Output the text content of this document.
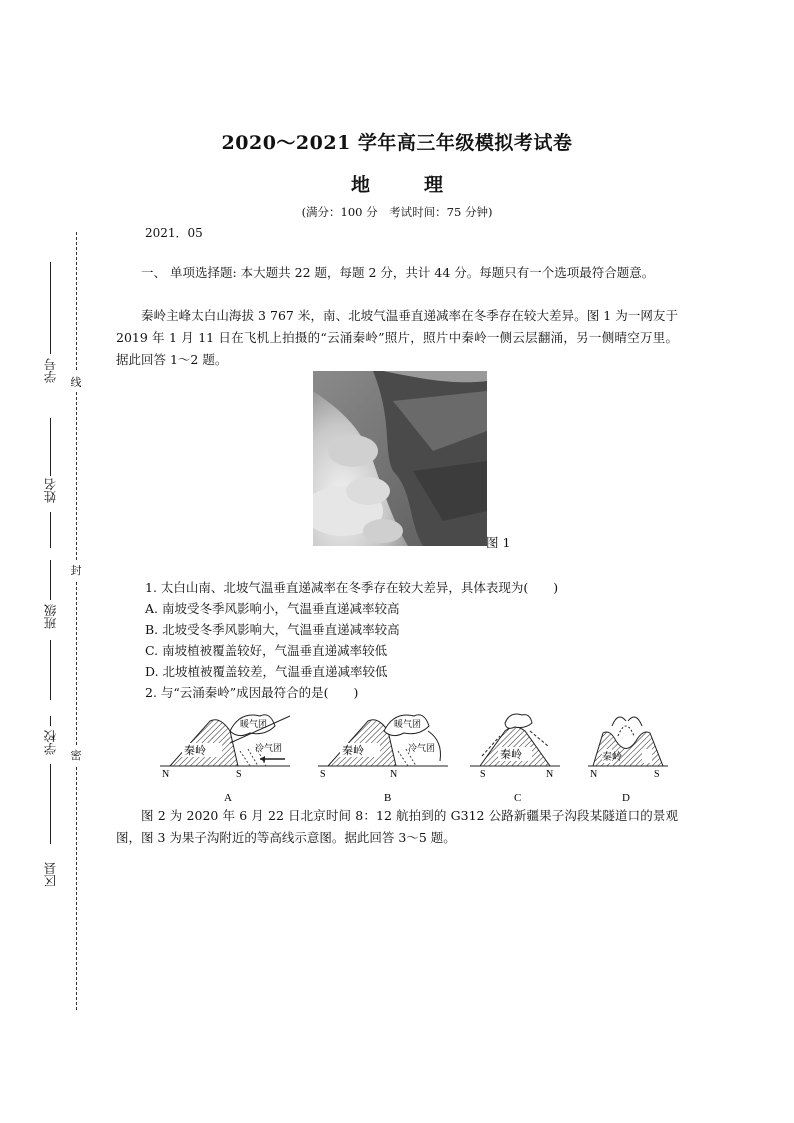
线
封
密
学号
姓名
班级
学校
区县
2020～2021 学年高三年级模拟考试卷
地	理
(满分：100 分　考试时间：75 分钟)
2021．05
一、 单项选择题: 本大题共 22 题，每题 2 分，共计 44 分。每题只有一个选项最符合题意。
秦岭主峰太白山海拔 3 767 米，南、北坡气温垂直递减率在冬季存在较大差异。图 1 为一网友于 2019 年 1 月 11 日在飞机上拍摄的“云涌秦岭”照片，照片中秦岭一侧云层翻涌，另一侧晴空万里。据此回答 1～2 题。
图 1
1. 太白山南、北坡气温垂直递减率在冬季存在较大差异，具体表现为(　　)
A. 南坡受冬季风影响小，气温垂直递减率较高
B. 北坡受冬季风影响大，气温垂直递减率较高
C. 南坡植被覆盖较好，气温垂直递减率较低
D. 北坡植被覆盖较差，气温垂直递减率较低
2. 与“云涌秦岭”成因最符合的是(　　)
秦岭
暖气团
冷气团
N	S
A
秦岭
暖气团
冷气团
S	N
B
秦岭
S	N
C
秦岭
N	S
D
图 2 为 2020 年 6 月 22 日北京时间 8：12 航拍到的 G312 公路新疆果子沟段某隧道口的景观图，图 3 为果子沟附近的等高线示意图。据此回答 3～5 题。
